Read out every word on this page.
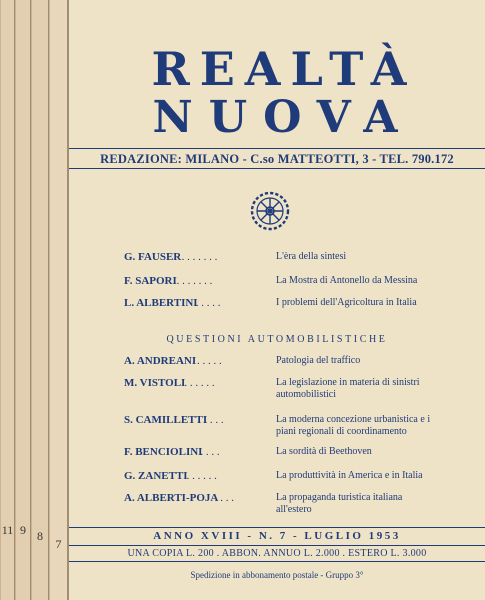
11 9 8
7
REALTÀ
NUOVA
REDAZIONE: MILANO - C.so MATTEOTTI, 3 - TEL. 790.172
. . . . . . .
G. FAUSER	L'èra della sintesi
. . . . . . .
F. SAPORI	La Mostra di Antonello da Messina
. . . . .
L. ALBERTINI	I problemi dell'Agricoltura in Italia
. . . . .
A. ANDREANI	Patologia del traffico
. . . . . .
M. VISTOLI	La legislazione in materia di sinistri automobilistici
. . . .
S. CAMILLETTI	La moderna concezione urbanistica e i piani regionali di coordinamento
. . . .
F. BENCIOLINI	La sordità di Beethoven
. . . . . .
G. ZANETTI	La produttività in America e in Italia
. . . .
A. ALBERTI-POJA	La propaganda turistica italiana all'estero
QUESTIONI AUTOMOBILISTICHE
ANNO XVIII - N. 7 - LUGLIO 1953
UNA COPIA L. 200 . ABBON. ANNUO L. 2.000 . ESTERO L. 3.000
Spedizione in abbonamento postale - Gruppo 3°
